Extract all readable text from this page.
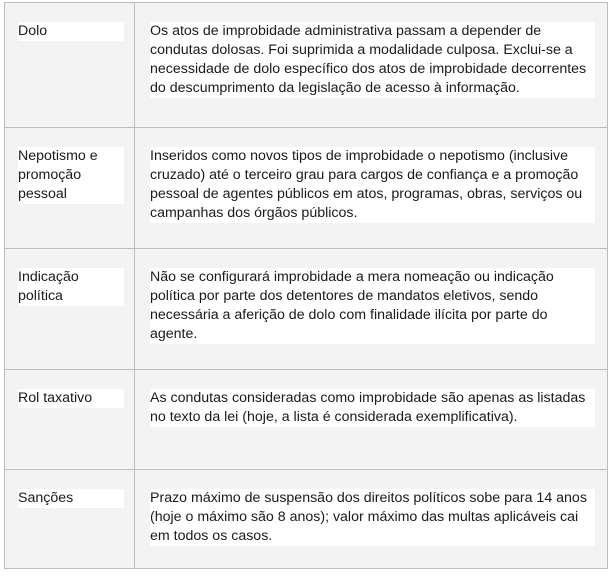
Dolo	Os atos de improbidade administrativa passam a depender de condutas dolosas. Foi suprimida a modalidade culposa. Exclui-se a necessidade de dolo específico dos atos de improbidade decorrentes do descumprimento da legislação de acesso à informação.

Nepotismo e promoção pessoal	Inseridos como novos tipos de improbidade o nepotismo (inclusive cruzado) até o terceiro grau para cargos de confiança e a promoção pessoal de agentes públicos em atos, programas, obras, serviços ou campanhas dos órgãos públicos.

Indicação política	Não se configurará improbidade a mera nomeação ou indicação política por parte dos detentores de mandatos eletivos, sendo necessária a aferição de dolo com finalidade ilícita por parte do agente.

Rol taxativo	As condutas consideradas como improbidade são apenas as listadas no texto da lei (hoje, a lista é considerada exemplificativa).

Sanções	Prazo máximo de suspensão dos direitos políticos sobe para 14 anos (hoje o máximo são 8 anos); valor máximo das multas aplicáveis cai em todos os casos.
